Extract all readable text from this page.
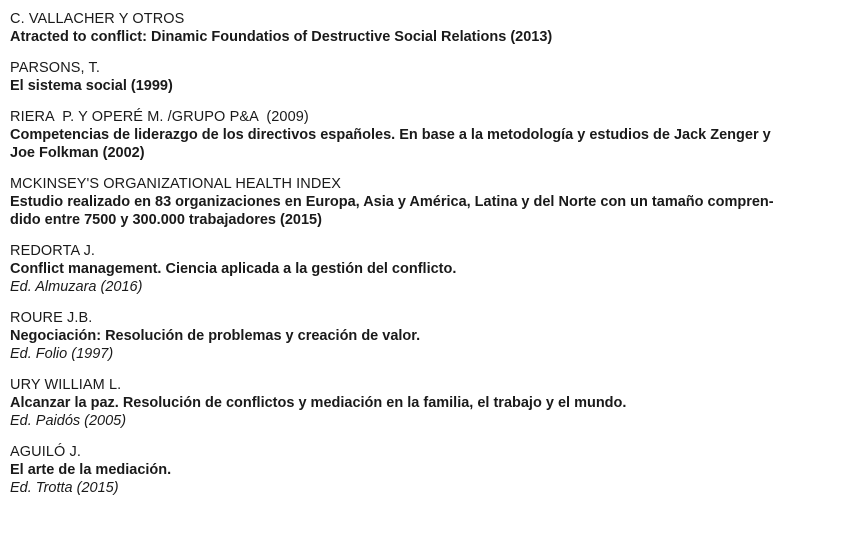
C. VALLACHER Y OTROS
Atracted to conflict: Dinamic Foundatios of Destructive Social Relations (2013)
PARSONS, T.
El sistema social (1999)
RIERA  P. Y OPERÉ M. /GRUPO P&A  (2009)
Competencias de liderazgo de los directivos españoles. En base a la metodología y estudios de Jack Zenger y
Joe Folkman (2002)
MCKINSEY'S ORGANIZATIONAL HEALTH INDEX
Estudio realizado en 83 organizaciones en Europa, Asia y América, Latina y del Norte con un tamaño compren-
dido entre 7500 y 300.000 trabajadores (2015)
REDORTA J.
Conflict management. Ciencia aplicada a la gestión del conflicto.
Ed. Almuzara (2016)
ROURE J.B.
Negociación: Resolución de problemas y creación de valor.
Ed. Folio (1997)
URY WILLIAM L.
Alcanzar la paz. Resolución de conflictos y mediación en la familia, el trabajo y el mundo.
Ed. Paidós (2005)
AGUILÓ J.
El arte de la mediación.
Ed. Trotta (2015)
